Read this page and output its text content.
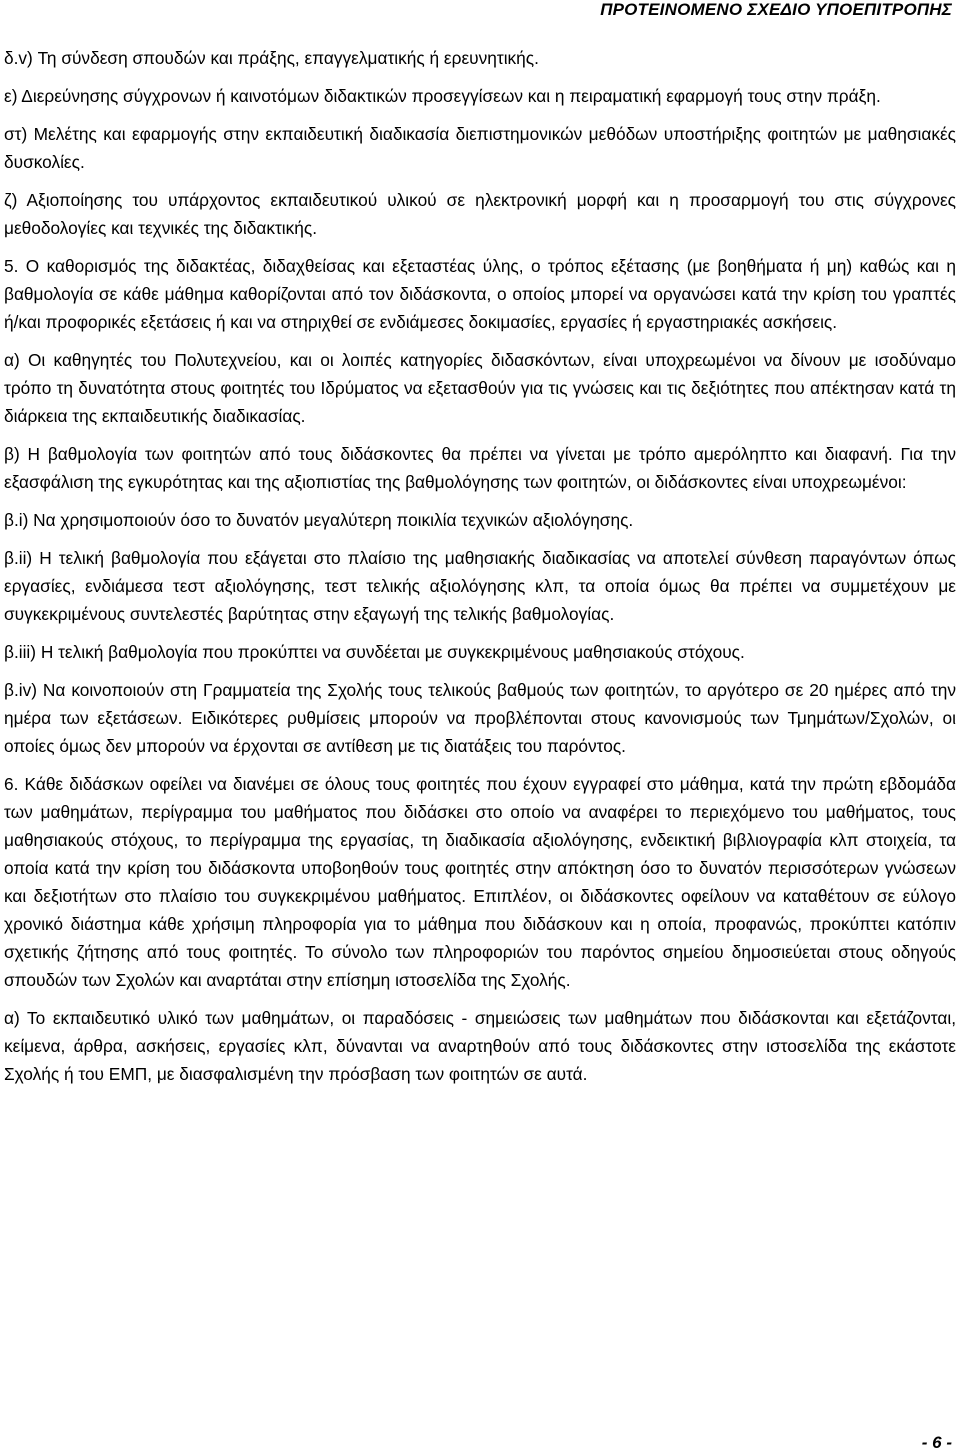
ΠΡΟΤΕΙΝΟΜΕΝΟ ΣΧΕΔΙΟ ΥΠΟΕΠΙΤΡΟΠΗΣ

δ.v) Τη σύνδεση σπουδών και πράξης, επαγγελματικής ή ερευνητικής.

ε) Διερεύνησης σύγχρονων ή καινοτόμων διδακτικών προσεγγίσεων και η πειραματική εφαρμογή τους στην πράξη.

στ) Μελέτης και εφαρμογής στην εκπαιδευτική διαδικασία διεπιστημονικών μεθόδων υποστήριξης φοιτητών με μαθησιακές δυσκολίες.

ζ) Αξιοποίησης του υπάρχοντος εκπαιδευτικού υλικού σε ηλεκτρονική μορφή και η προσαρμογή του στις σύγχρονες μεθοδολογίες και τεχνικές της διδακτικής.

5. Ο καθορισμός της διδακτέας, διδαχθείσας και εξεταστέας ύλης, ο τρόπος εξέτασης (με βοηθήματα ή μη) καθώς και η βαθμολογία σε κάθε μάθημα καθορίζονται από τον διδάσκοντα, ο οποίος μπορεί να οργανώσει κατά την κρίση του γραπτές ή/και προφορικές εξετάσεις ή και να στηριχθεί σε ενδιάμεσες δοκιμασίες, εργασίες ή εργαστηριακές ασκήσεις.

α) Οι καθηγητές του Πολυτεχνείου, και οι λοιπές κατηγορίες διδασκόντων, είναι υποχρεωμένοι να δίνουν με ισοδύναμο τρόπο τη δυνατότητα στους φοιτητές του Ιδρύματος να εξετασθούν για τις γνώσεις και τις δεξιότητες που απέκτησαν κατά τη διάρκεια της εκπαιδευτικής διαδικασίας.

β) Η βαθμολογία των φοιτητών από τους διδάσκοντες θα πρέπει να γίνεται με τρόπο αμερόληπτο και διαφανή. Για την εξασφάλιση της εγκυρότητας και της αξιοπιστίας της βαθμολόγησης των φοιτητών, οι διδάσκοντες είναι υποχρεωμένοι:

β.i) Να χρησιμοποιούν όσο το δυνατόν μεγαλύτερη ποικιλία τεχνικών αξιολόγησης.

β.ii) Η τελική βαθμολογία που εξάγεται στο πλαίσιο της μαθησιακής διαδικασίας να αποτελεί σύνθεση παραγόντων όπως εργασίες, ενδιάμεσα τεστ αξιολόγησης, τεστ τελικής αξιολόγησης κλπ, τα οποία όμως θα πρέπει να συμμετέχουν με συγκεκριμένους συντελεστές βαρύτητας στην εξαγωγή της τελικής βαθμολογίας.

β.iii) Η τελική βαθμολογία που προκύπτει να συνδέεται με συγκεκριμένους μαθησιακούς στόχους.

β.iv) Να κοινοποιούν στη Γραμματεία της Σχολής τους τελικούς βαθμούς των φοιτητών, το αργότερο σε 20 ημέρες από την ημέρα των εξετάσεων. Ειδικότερες ρυθμίσεις μπορούν να προβλέπονται στους κανονισμούς των Τμημάτων/Σχολών, οι οποίες όμως δεν μπορούν να έρχονται σε αντίθεση με τις διατάξεις του παρόντος.

6. Κάθε διδάσκων οφείλει να διανέμει σε όλους τους φοιτητές που έχουν εγγραφεί στο μάθημα, κατά την πρώτη εβδομάδα των μαθημάτων, περίγραμμα του μαθήματος που διδάσκει στο οποίο να αναφέρει το περιεχόμενο του μαθήματος, τους μαθησιακούς στόχους, το περίγραμμα της εργασίας, τη διαδικασία αξιολόγησης, ενδεικτική βιβλιογραφία κλπ στοιχεία, τα οποία κατά την κρίση του διδάσκοντα υποβοηθούν τους φοιτητές στην απόκτηση όσο το δυνατόν περισσότερων γνώσεων και δεξιοτήτων στο πλαίσιο του συγκεκριμένου μαθήματος. Επιπλέον, οι διδάσκοντες οφείλουν να καταθέτουν σε εύλογο χρονικό διάστημα κάθε χρήσιμη πληροφορία για το μάθημα που διδάσκουν και η οποία, προφανώς, προκύπτει κατόπιν σχετικής ζήτησης από τους φοιτητές. Το σύνολο των πληροφοριών του παρόντος σημείου δημοσιεύεται στους οδηγούς σπουδών των Σχολών και αναρτάται στην επίσημη ιστοσελίδα της Σχολής.

α) Το εκπαιδευτικό υλικό των μαθημάτων, οι παραδόσεις - σημειώσεις των μαθημάτων που διδάσκονται και εξετάζονται, κείμενα, άρθρα, ασκήσεις, εργασίες κλπ, δύνανται να αναρτηθούν από τους διδάσκοντες στην ιστοσελίδα της εκάστοτε Σχολής ή του ΕΜΠ, με διασφαλισμένη την πρόσβαση των φοιτητών σε αυτά.

- 6 -
